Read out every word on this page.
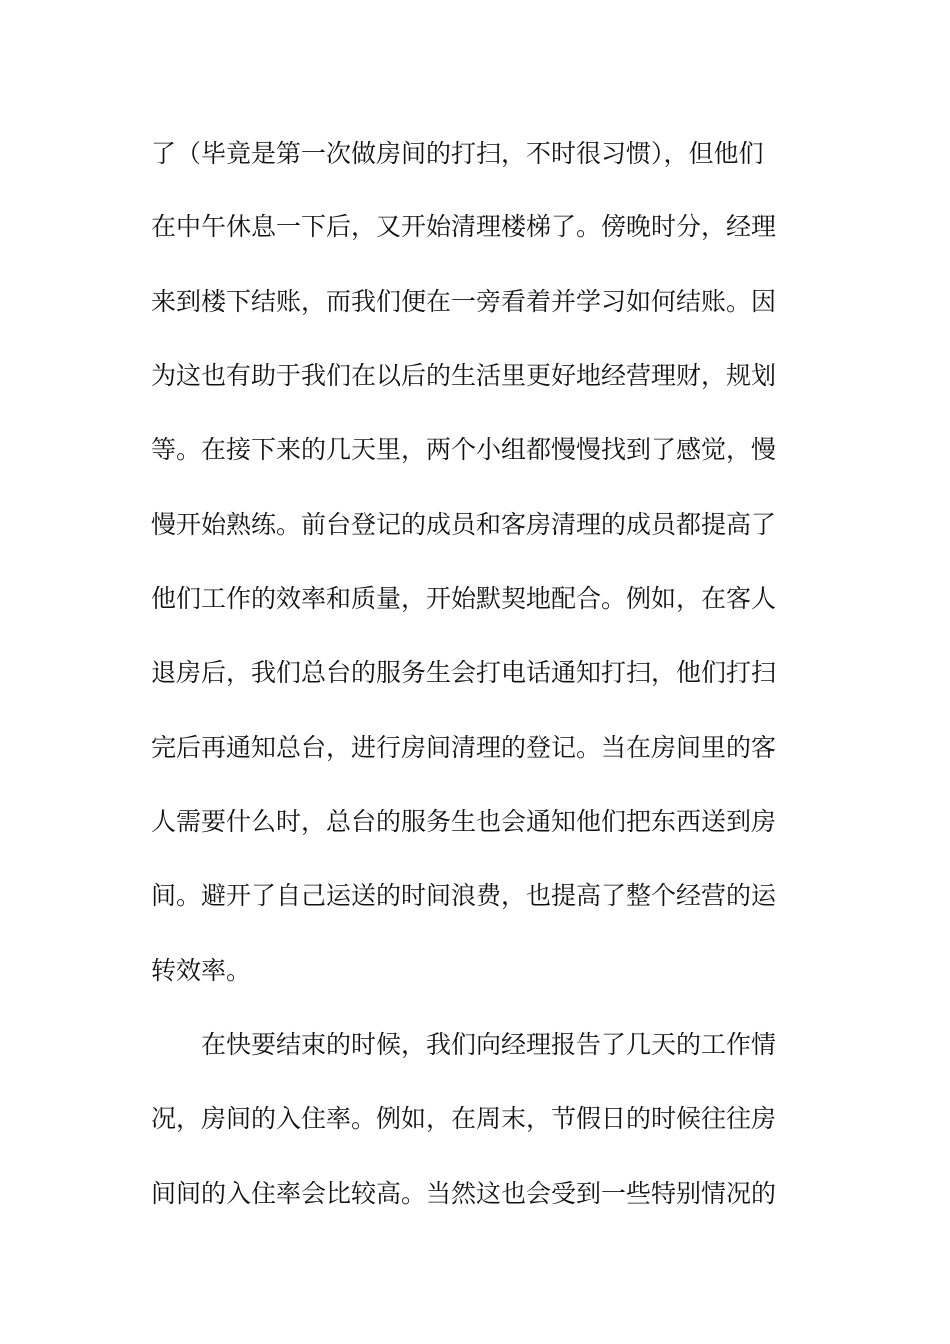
了（毕竟是第一次做房间的打扫，不时很习惯），但他们
在中午休息一下后，又开始清理楼梯了。傍晚时分，经理
来到楼下结账，而我们便在一旁看着并学习如何结账。因
为这也有助于我们在以后的生活里更好地经营理财，规划
等。在接下来的几天里，两个小组都慢慢找到了感觉，慢
慢开始熟练。前台登记的成员和客房清理的成员都提高了
他们工作的效率和质量，开始默契地配合。例如，在客人
退房后，我们总台的服务生会打电话通知打扫，他们打扫
完后再通知总台，进行房间清理的登记。当在房间里的客
人需要什么时，总台的服务生也会通知他们把东西送到房
间。避开了自己运送的时间浪费，也提高了整个经营的运
转效率。
在快要结束的时候，我们向经理报告了几天的工作情
况，房间的入住率。例如，在周末，节假日的时候往往房
间间的入住率会比较高。当然这也会受到一些特别情况的
